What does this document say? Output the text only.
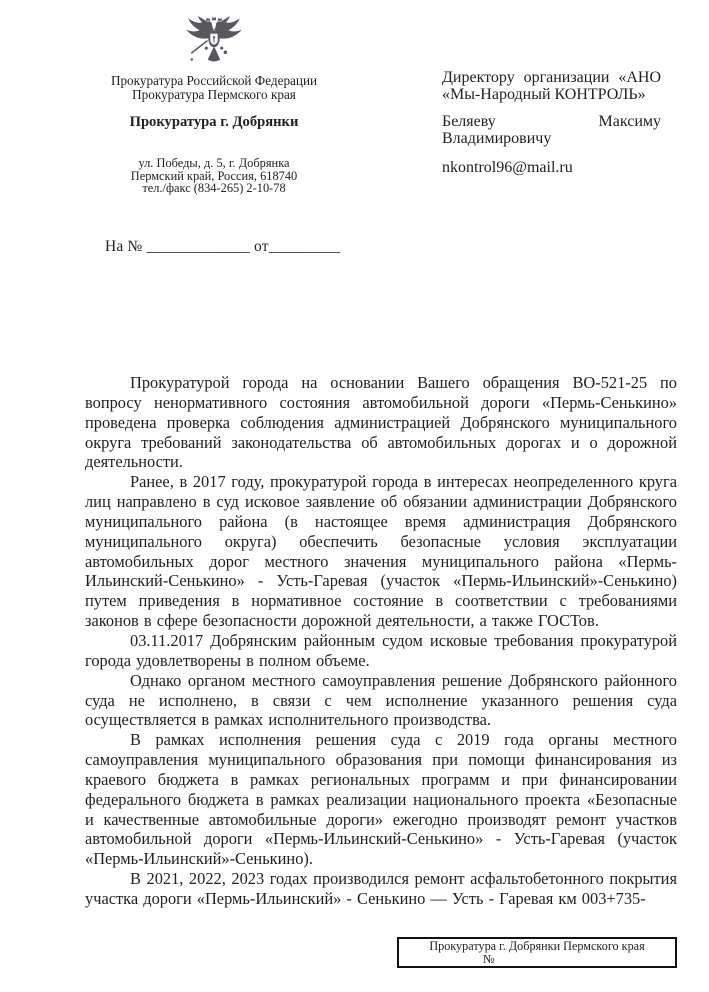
Прокуратура Российской Федерации
Прокуратура Пермского края
Прокуратура г. Добрянки
ул. Победы, д. 5, г. Добрянка
Пермский край, Россия, 618740
тел./факс (834-265) 2-10-78

Директору организации «АНО «Мы-Народный КОНТРОЛЬ»

Беляеву Максиму Владимировичу

nkontrol96@mail.ru

На № _____________ от_________

Прокуратурой города на основании Вашего обращения ВО-521-25 по вопросу ненормативного состояния автомобильной дороги «Пермь-Сенькино» проведена проверка соблюдения администрацией Добрянского муниципального округа требований законодательства об автомобильных дорогах и о дорожной деятельности.

Ранее, в 2017 году, прокуратурой города в интересах неопределенного круга лиц направлено в суд исковое заявление об обязании администрации Добрянского муниципального района (в настоящее время администрация Добрянского муниципального округа) обеспечить безопасные условия эксплуатации автомобильных дорог местного значения муниципального района «Пермь-Ильинский-Сенькино» - Усть-Гаревая (участок «Пермь-Ильинский»-Сенькино) путем приведения в нормативное состояние в соответствии с требованиями законов в сфере безопасности дорожной деятельности, а также ГОСТов.

03.11.2017 Добрянским районным судом исковые требования прокуратурой города удовлетворены в полном объеме.

Однако органом местного самоуправления решение Добрянского районного суда не исполнено, в связи с чем исполнение указанного решения суда осуществляется в рамках исполнительного производства.

В рамках исполнения решения суда с 2019 года органы местного самоуправления муниципального образования при помощи финансирования из краевого бюджета в рамках региональных программ и при финансировании федерального бюджета в рамках реализации национального проекта «Безопасные и качественные автомобильные дороги» ежегодно производят ремонт участков автомобильной дороги «Пермь-Ильинский-Сенькино» - Усть-Гаревая (участок «Пермь-Ильинский»-Сенькино).

В 2021, 2022, 2023 годах производился ремонт асфальтобетонного покрытия участка дороги «Пермь-Ильинский» - Сенькино — Усть - Гаревая км 003+735-

Прокуратура г. Добрянки Пермского края
№
